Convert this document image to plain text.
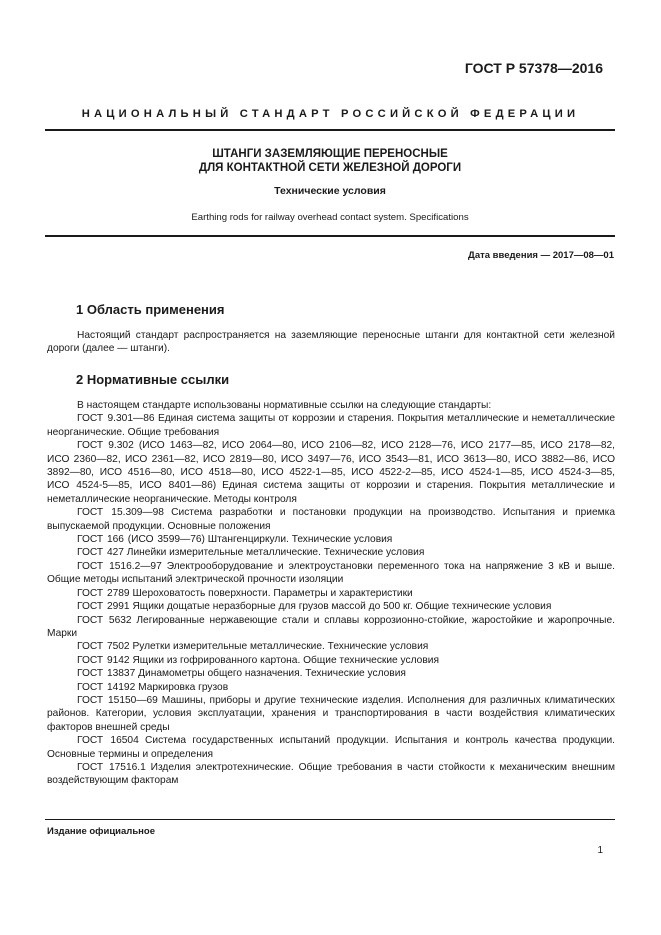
ГОСТ Р 57378—2016
НАЦИОНАЛЬНЫЙ СТАНДАРТ РОССИЙСКОЙ ФЕДЕРАЦИИ
ШТАНГИ ЗАЗЕМЛЯЮЩИЕ ПЕРЕНОСНЫЕ
ДЛЯ КОНТАКТНОЙ СЕТИ ЖЕЛЕЗНОЙ ДОРОГИ
Технические условия
Earthing rods for railway overhead contact system. Specifications
Дата введения — 2017—08—01
1 Область применения

Настоящий стандарт распространяется на заземляющие переносные штанги для контактной сети железной дороги (далее — штанги).

2 Нормативные ссылки

В настоящем стандарте использованы нормативные ссылки на следующие стандарты:

ГОСТ 9.301—86 Единая система защиты от коррозии и старения. Покрытия металлические и неметаллические неорганические. Общие требования

ГОСТ 9.302 (ИСО 1463—82, ИСО 2064—80, ИСО 2106—82, ИСО 2128—76, ИСО 2177—85, ИСО 2178—82, ИСО 2360—82, ИСО 2361—82, ИСО 2819—80, ИСО 3497—76, ИСО 3543—81, ИСО 3613—80, ИСО 3882—86, ИСО 3892—80, ИСО 4516—80, ИСО 4518—80, ИСО 4522-1—85, ИСО 4522-2—85, ИСО 4524-1—85, ИСО 4524-3—85, ИСО 4524-5—85, ИСО 8401—86) Единая система защиты от коррозии и старения. Покрытия металлические и неметаллические неорганические. Методы контроля

ГОСТ 15.309—98 Система разработки и постановки продукции на производство. Испытания и приемка выпускаемой продукции. Основные положения

ГОСТ 166 (ИСО 3599—76) Штангенциркули. Технические условия

ГОСТ 427 Линейки измерительные металлические. Технические условия

ГОСТ 1516.2—97 Электрооборудование и электроустановки переменного тока на напряжение 3 кВ и выше. Общие методы испытаний электрической прочности изоляции

ГОСТ 2789 Шероховатость поверхности. Параметры и характеристики

ГОСТ 2991 Ящики дощатые неразборные для грузов массой до 500 кг. Общие технические условия

ГОСТ 5632 Легированные нержавеющие стали и сплавы коррозионно-стойкие, жаростойкие и жаропрочные. Марки

ГОСТ 7502 Рулетки измерительные металлические. Технические условия

ГОСТ 9142 Ящики из гофрированного картона. Общие технические условия

ГОСТ 13837 Динамометры общего назначения. Технические условия

ГОСТ 14192 Маркировка грузов

ГОСТ 15150—69 Машины, приборы и другие технические изделия. Исполнения для различных климатических районов. Категории, условия эксплуатации, хранения и транспортирования в части воздействия климатических факторов внешней среды

ГОСТ 16504 Система государственных испытаний продукции. Испытания и контроль качества продукции. Основные термины и определения

ГОСТ 17516.1 Изделия электротехнические. Общие требования в части стойкости к механическим внешним воздействующим факторам

Издание официальное
1
